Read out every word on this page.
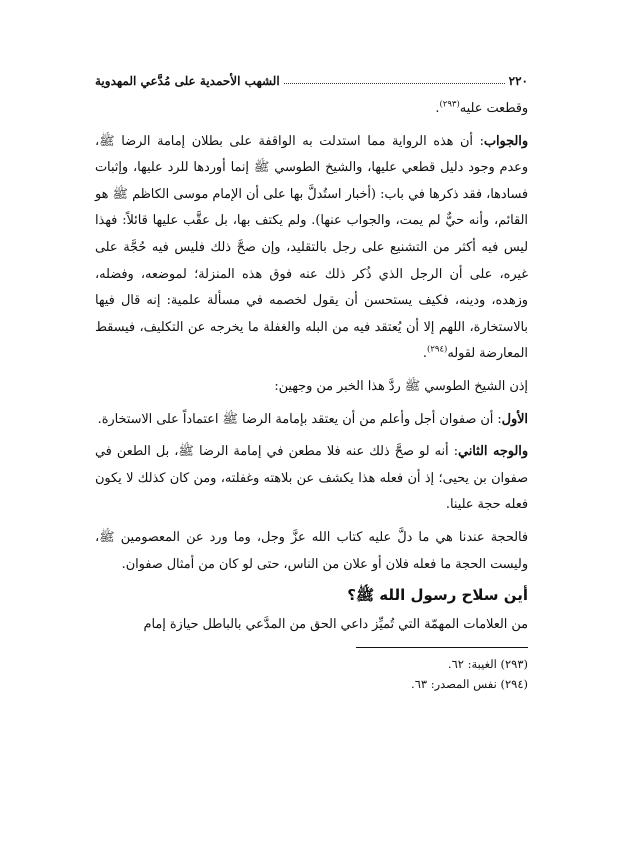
٢٢٠
الشهب الأحمدية على مُدَّعي المهدوية

وقطعت عليه$^{(٢٩٣)}$.

والجواب: أن هذه الرواية مما استدلت به الواقفة على بطلان إمامة الرضا ﷺ، وعدم وجود دليل قطعي عليها، والشيخ الطوسي ﷺ إنما أوردها للرد عليها، وإثبات فسادها، فقد ذكرها في باب: (أخبار استُدلَّ بها على أن الإمام موسى الكاظم ﷺ هو القائم، وأنه حيٌّ لم يمت، والجواب عنها). ولم يكتف بها، بل عقَّب عليها قائلاً: فهذا ليس فيه أكثر من التشنيع على رجل بالتقليد، وإن صحَّ ذلك فليس فيه حُجَّة على غيره، على أن الرجل الذي ذُكر ذلك عنه فوق هذه المنزلة؛ لموضعه، وفضله، وزهده، ودينه، فكيف يستحسن أن يقول لخصمه في مسألة علمية: إنه قال فيها بالاستخارة، اللهم إلا أن يُعتقد فيه من البله والغفلة ما يخرجه عن التكليف، فيسقط المعارضة لقوله$^{(٢٩٤)}$.

إذن الشيخ الطوسي ﷺ ردَّ هذا الخبر من وجهين:

الأول: أن صفوان أجل وأعلم من أن يعتقد بإمامة الرضا ﷺ اعتماداً على الاستخارة.

والوجه الثاني: أنه لو صحَّ ذلك عنه فلا مطعن في إمامة الرضا ﷺ، بل الطعن في صفوان بن يحيى؛ إذ أن فعله هذا يكشف عن بلاهته وغفلته، ومن كان كذلك لا يكون فعله حجة علينا.

فالحجة عندنا هي ما دلَّ عليه كتاب الله عزَّ وجل، وما ورد عن المعصومين ﷺ، وليست الحجة ما فعله فلان أو علان من الناس، حتى لو كان من أمثال صفوان.

أين سلاح رسول الله ﷺ؟

من العلامات المهمّة التي تُميِّز داعي الحق من المدَّعي بالباطل حيازة إمام

(٢٩٣) الغيبة: ٦٢.

(٢٩٤) نفس المصدر: ٦٣.
